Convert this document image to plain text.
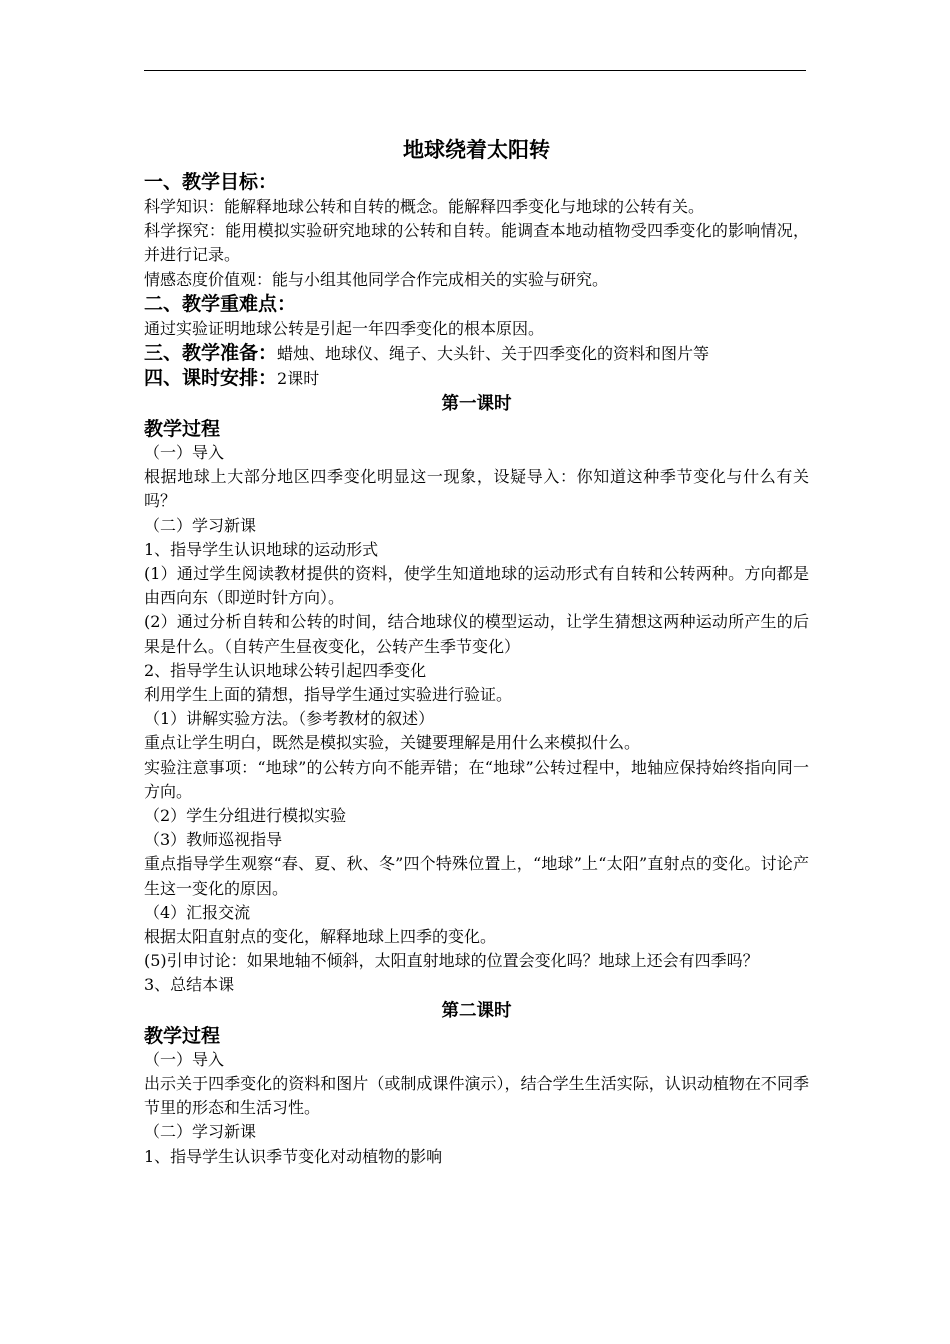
地球绕着太阳转
一、教学目标：

科学知识：能解释地球公转和自转的概念。能解释四季变化与地球的公转有关。

科学探究：能用模拟实验研究地球的公转和自转。能调查本地动植物受四季变化的影响情况，并进行记录。

情感态度价值观：能与小组其他同学合作完成相关的实验与研究。

二、教学重难点：

通过实验证明地球公转是引起一年四季变化的根本原因。

三、教学准备：蜡烛、地球仪、绳子、大头针、关于四季变化的资料和图片等
四、课时安排：2课时
第一课时
教学过程

（一）导入

根据地球上大部分地区四季变化明显这一现象，设疑导入：你知道这种季节变化与什么有关吗？

（二）学习新课

1、指导学生认识地球的运动形式

(1）通过学生阅读教材提供的资料，使学生知道地球的运动形式有自转和公转两种。方向都是由西向东（即逆时针方向）。

(2）通过分析自转和公转的时间，结合地球仪的模型运动，让学生猜想这两种运动所产生的后果是什么。（自转产生昼夜变化，公转产生季节变化）

2、指导学生认识地球公转引起四季变化

利用学生上面的猜想，指导学生通过实验进行验证。

（1）讲解实验方法。（参考教材的叙述）

重点让学生明白，既然是模拟实验，关键要理解是用什么来模拟什么。

实验注意事项：“地球”的公转方向不能弄错；在“地球”公转过程中，地轴应保持始终指向同一方向。

（2）学生分组进行模拟实验

（3）教师巡视指导

重点指导学生观察“春、夏、秋、冬”四个特殊位置上，“地球”上“太阳”直射点的变化。讨论产生这一变化的原因。

（4）汇报交流

根据太阳直射点的变化，解释地球上四季的变化。

(5)引申讨论：如果地轴不倾斜，太阳直射地球的位置会变化吗？地球上还会有四季吗？

3、总结本课

第二课时
教学过程

（一）导入

出示关于四季变化的资料和图片（或制成课件演示），结合学生生活实际，认识动植物在不同季节里的形态和生活习性。

（二）学习新课

1、指导学生认识季节变化对动植物的影响
